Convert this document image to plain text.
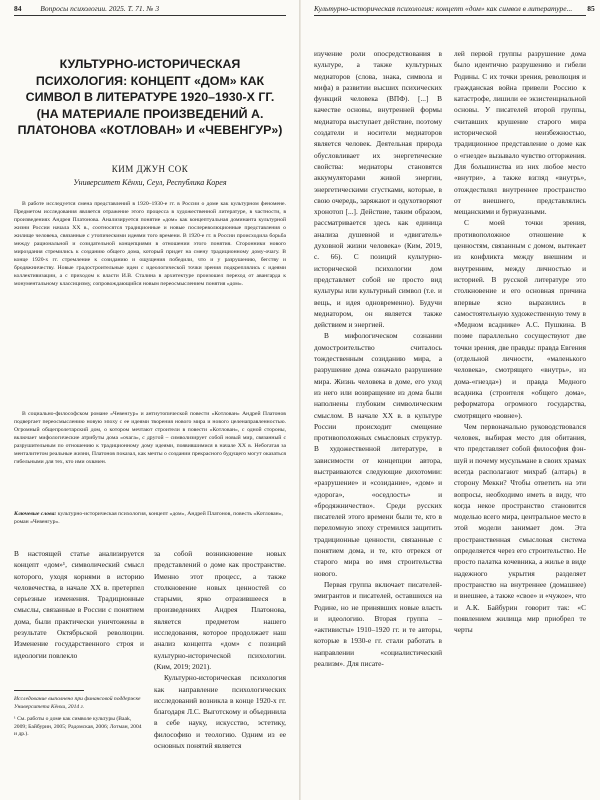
84	Вопросы психологии. 2025. Т. 71. № 3
КУЛЬТУРНО-ИСТОРИЧЕСКАЯ ПСИХОЛОГИЯ: КОНЦЕПТ «ДОМ» КАК СИМВОЛ В ЛИТЕРАТУРЕ 1920–1930-Х ГГ. (НА МАТЕРИАЛЕ ПРОИЗВЕДЕНИЙ А. ПЛАТОНОВА «КОТЛОВАН» И «ЧЕВЕНГУР»)
КИМ ДЖУН СОК
Университет Кёнхи, Сеул, Республика Корея

В работе исследуется смена представлений в 1920–1930-е гг. в России о доме как культурном феномене. Предметом исследования является отражение этого процесса в художественной литературе, в частности, в произведениях Андрея Платонова. Анализируется понятие «дом» как концептуальная доминанта культурной жизни России начала XX в., соотносятся традиционные и новые послереволюционные представления о жилище человека, связанные с утопическими идеями того времени. В 1920-е гг. в России происходила борьба между рациональной и созидательной концепциями в отношении этого понятия. Сторонники нового мироздания стремились к созданию общего дома, который придет на смену традиционному дому-очагу. В конце 1920-х гг. стремление к созиданию и ощущения победили, что и у разрушению, бегству и бродяжничеству. Новые градостроительные идеи с идеологической точки зрения подкреплялись с идеями коллективизации, а с приходом к власти И.В. Сталина в архитектуре произошел переход от авангарда к монументальному классицизму, сопровождающийся новым переосмыслением понятия «дом».

В социально-философском романе «Чевенгур» и антиутопической повести «Котлован» Андрей Платонов подвергает переосмыслению новую эпоху с ее идеями творения нового мира и нового целенаправленностью. Огромный общепролетарский дом, о котором мечтают строители в повести «Котлован», с одной стороны, включает мифологические атрибуты дома «очага», с другой – символизирует собой новый мир, связанный с разрушительным по отношению к традиционному дому идеями, появившимися в начале XX в. Небогатая за менталитетом реальные жизни, Платонов показал, как мечты о создании прекрасного будущего могут оказаться гибельными для тех, кто ими охвачен.

Ключевые слова: культурно-историческая психология, концепт «дом», Андрей Платонов, повесть «Котлован», роман «Чевенгур».

В настоящей статье анализируется концепт «дом»¹, символический смысл которого, уходя корнями в историю человечества, в начале XX в. претерпел серьезные изменения. Традиционные смыслы, связанные в России с понятием дома, были практически уничтожены в результате Октябрьской революции. Изменение государственного строя и идеологии повлекло

за собой возникновение новых представлений о доме как пространстве. Именно этот процесс, а также столкновение новых ценностей со старыми, ярко отразившееся в произведениях Андрея Платонова, является предметом нашего исследования, которое продолжает наш анализ концепта «дом» с позиций культурно-исторической психологии. (Ким, 2019; 2021).

Культурно-историческая психология как направление психологических исследований возникла в конце 1920-х гг. благодаря Л.С. Выготскому и объединила в себе науку, искусство, эстетику, философию и теологию. Одним из ее основных понятий является

Исследование выполнено при финансовой поддержке Университета Кёнхи, 2014 г.
¹ См. работы о доме как символе культуры (Baak, 2009; Байбурин, 2005; Радомская, 2006; Лотман, 2004 и др.).
Культурно-историческая психология: концепт «дом» как символ в литературе... 85

изучение роли опосредствования в культуре, а также культурных медиаторов (слова, знака, символа и мифа) в развитии высших психических функций человека (ВПФ). [...] В качестве основы, внутренней формы медиатора выступает действие, поэтому создатели и носители медиаторов является человек. Деятельная природа обусловливает их энергетические свойства: медиаторы становятся аккумуляторами живой энергии, энергетическими сгустками, которые, в свою очередь, заряжают и одухотворяют хронотоп [...]. Действие, таким образом, рассматривается здесь как единица анализа душевной и «двигатель» духовной жизни человека» (Ким, 2019, с. 66). С позиций культурно-исторической психологии дом представляет собой не просто вид культуры или культурный символ (т.е. и вещь, и идея одновременно). Будучи медиатором, он является также действием и энергией.

В мифологическом сознании домостроительство считалось тождественным созиданию мира, а разрушение дома означало разрушение мира. Жизнь человека в доме, его уход из него или возвращение из дома были наполнены глубоким символическим смыслом. В начале XX в. в культуре России происходит смещение противоположных смысловых структур. В художественной литературе, в зависимости от концепции автора, выстраиваются следующие дихотомии: «разрушение» и «созидание», «дом» и «дорога», «оседлость» и «бродяжничество». Среди русских писателей этого времени были те, кто в переломную эпоху стремился защитить традиционные ценности, связанные с понятием дома, и те, кто отрекся от старого мира во имя строительства нового.

Первая группа включает писателей-эмигрантов и писателей, оставшихся на Родине, но не принявших новые власть и идеологию. Вторая группа – «активисты» 1910–1920 гг. и те авторы, которые в 1930-е гг. стали работать в направлении «социалистический реализм». Для писате-

лей первой группы разрушение дома было идентично разрушению и гибели Родины. С их точки зрения, революция и гражданская война привели Россию к катастрофе, лишили ее экзистенциальной основы. У писателей второй группы, считавших крушение старого мира исторической неизбежностью, традиционное представление о доме как о «гнезде» вызывало чувство отторжения. Для большинства из них любое место «внутри», а также взгляд «внутрь», отождествлял внутреннее пространство от внешнего, представлялись мещанскими и буржуазными.

С моей точки зрения, противоположное отношение к ценностям, связанным с домом, вытекает из конфликта между внешним и внутренним, между личностью и историей. В русской литературе это столкновение и его основная причина впервые ясно выразились в самостоятельную художественную тему в «Медном всаднике» А.С. Пушкина. В поэме параллельно сосуществуют две точки зрения, две правды: правда Евгения (отдельной личности, «маленького человека», смотрящего «внутрь», из дома-«гнезда») и правда Медного всадника (строителя «общего дома», реформатора огромного государства, смотрящего «вовне»).

Чем первоначально руководствовался человек, выбирая место для обитания, что представляет собой философия фэн-шуй и почему мусульмане в своих храмах всегда располагают михраб (алтарь) в сторону Мекки? Чтобы ответить на эти вопросы, необходимо иметь в виду, что когда некое пространство становится моделью всего мира, центральное место в этой модели занимает дом. Эта пространственная смысловая система определяется через его строительство. Не просто палатка кочевника, а жилье в виде надежного укрытия разделяет пространство на внутреннее (домашнее) и внешнее, а также «свое» и «чужое», что и А.К. Байбурин говорит так: «С появлением жилища мир приобрел те черты
